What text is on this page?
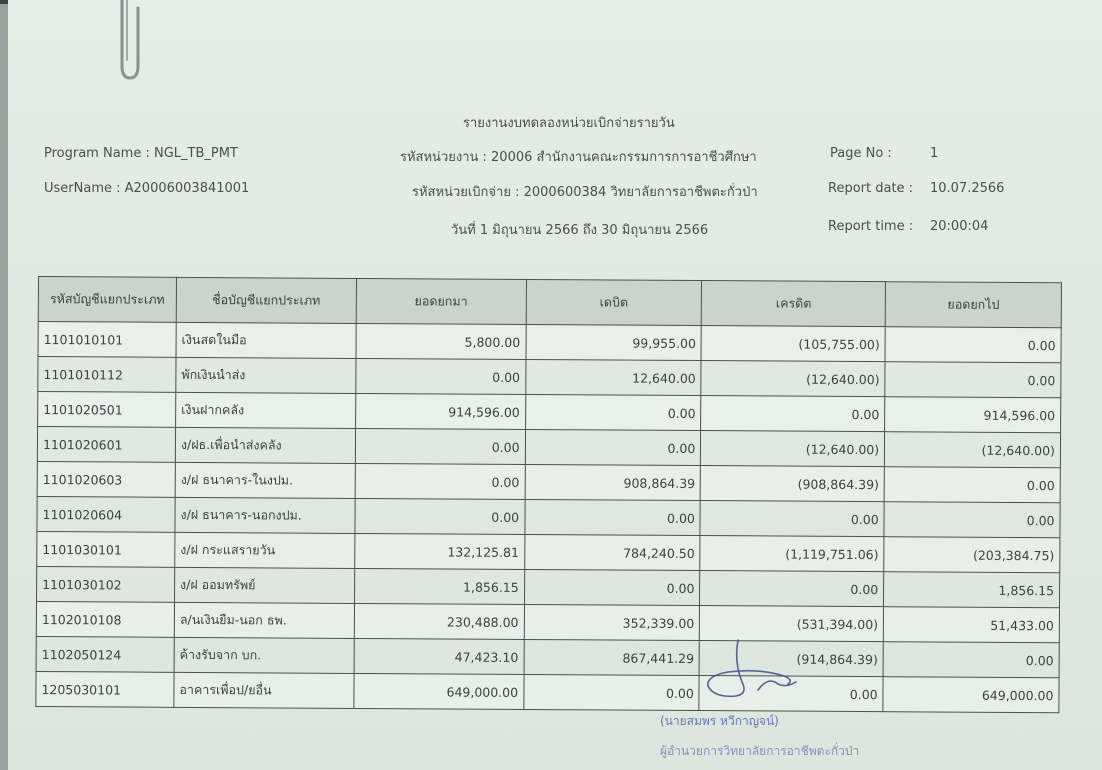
รายงานงบทดลองหน่วยเบิกจ่ายรายวัน
Program Name : NGL_TB_PMT
UserName : A20006003841001
รหัสหน่วยงาน : 20006 สำนักงานคณะกรรมการการอาชีวศึกษา
รหัสหน่วยเบิกจ่าย : 2000600384 วิทยาลัยการอาชีพตะกั่วป่า
วันที่ 1 มิถุนายน 2566 ถึง 30 มิถุนายน 2566
Page No :	1
Report date : 10.07.2566
Report time : 20:00:04
รหัสบัญชีแยกประเภท	ชื่อบัญชีแยกประเภท	ยอดยกมา	เดบิต	เครดิต	ยอดยกไป
1101010101	เงินสดในมือ	5,800.00	99,955.00	(105,755.00)	0.00
1101010112	พักเงินนำส่ง	0.00	12,640.00	(12,640.00)	0.00
1101020501	เงินฝากคลัง	914,596.00	0.00	0.00	914,596.00
1101020601	ง/ฝธ.เพื่อนำส่งคลัง	0.00	0.00	(12,640.00)	(12,640.00)
1101020603	ง/ฝ ธนาคาร-ในงปม.	0.00	908,864.39	(908,864.39)	0.00
1101020604	ง/ฝ ธนาคาร-นอกงปม.	0.00	0.00	0.00	0.00
1101030101	ง/ฝ กระแสรายวัน	132,125.81	784,240.50	(1,119,751.06)	(203,384.75)
1101030102	ง/ฝ ออมทรัพย์	1,856.15	0.00	0.00	1,856.15
1102010108	ล/นเงินยืม-นอก ธพ.	230,488.00	352,339.00	(531,394.00)	51,433.00
1102050124	ค้างรับจาก บก.	47,423.10	867,441.29	(914,864.39)	0.00
1205030101	อาคารเพื่อป/ยอื่น	649,000.00	0.00	0.00	649,000.00
(นายสมพร หวีกาญจน์)
ผู้อำนวยการวิทยาลัยการอาชีพตะกั่วป่า
